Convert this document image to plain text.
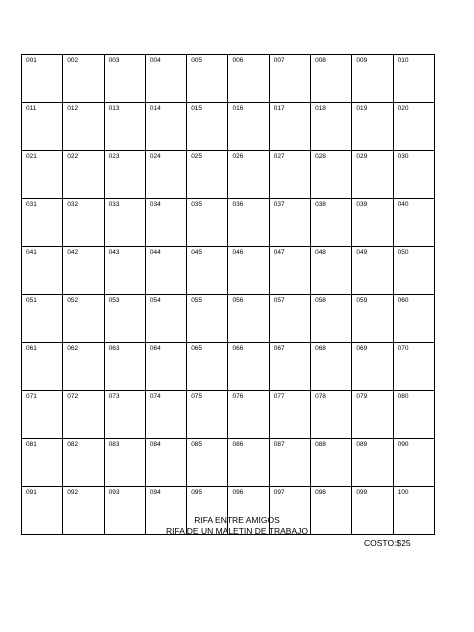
001	002	003	004	005	006	007	008	009	010
011	012	013	014	015	016	017	018	019	020
021	022	023	024	025	026	027	028	029	030
031	032	033	034	035	036	037	038	039	040
041	042	043	044	045	046	047	048	049	050
051	052	053	054	055	056	057	058	059	060
061	062	063	064	065	066	067	068	069	070
071	072	073	074	075	076	077	078	079	080
081	082	083	084	085	086	087	088	089	090
091	092	093	094	095	096	097	098	099	100
RIFA ENTRE AMIGOS
RIFA DE UN MALETIN DE TRABAJO
COSTO:$25
